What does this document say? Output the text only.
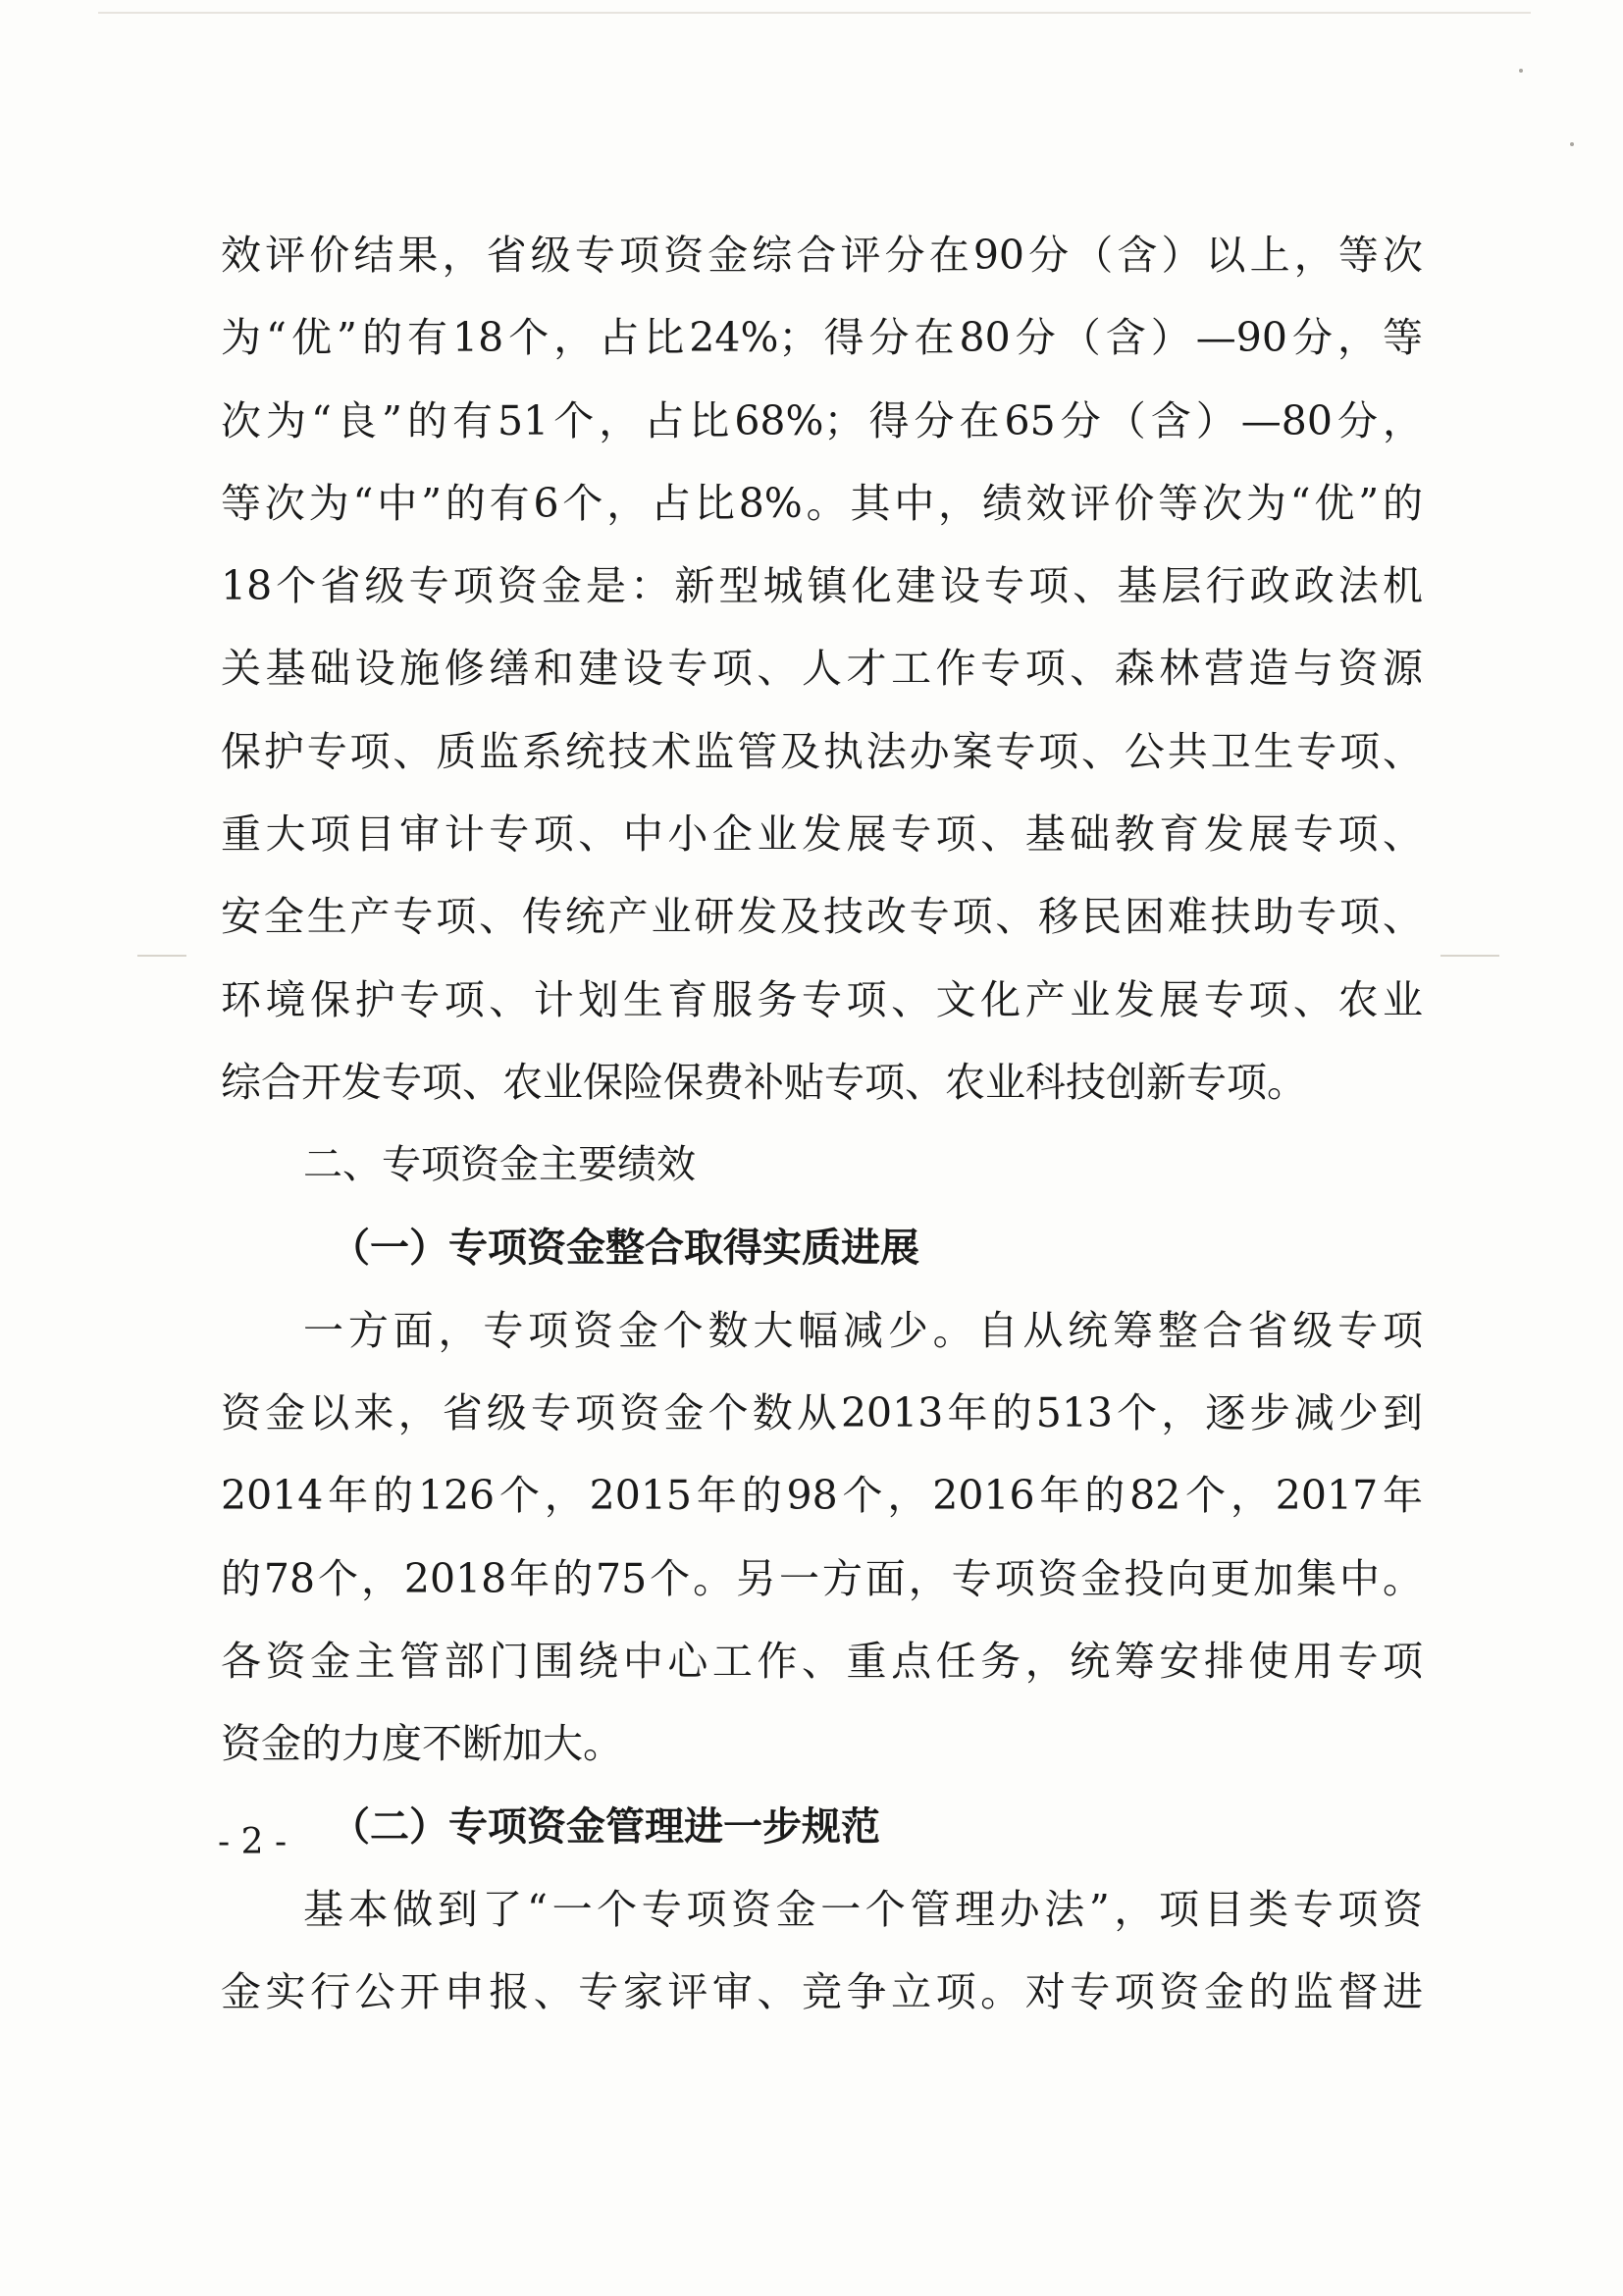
效评价结果，省级专项资金综合评分在90分（含）以上，等次
为“优”的有18个，占比24%；得分在80分（含）—90分，等
次为“良”的有51个，占比68%；得分在65分（含）—80分，
等次为“中”的有6个，占比8%。其中，绩效评价等次为“优”的
18个省级专项资金是：新型城镇化建设专项、基层行政政法机
关基础设施修缮和建设专项、人才工作专项、森林营造与资源
保护专项、质监系统技术监管及执法办案专项、公共卫生专项、
重大项目审计专项、中小企业发展专项、基础教育发展专项、
安全生产专项、传统产业研发及技改专项、移民困难扶助专项、
环境保护专项、计划生育服务专项、文化产业发展专项、农业
综合开发专项、农业保险保费补贴专项、农业科技创新专项。
二、专项资金主要绩效
（一）专项资金整合取得实质进展
一方面，专项资金个数大幅减少。自从统筹整合省级专项
资金以来，省级专项资金个数从2013年的513个，逐步减少到
2014年的126个，2015年的98个，2016年的82个，2017年
的78个，2018年的75个。另一方面，专项资金投向更加集中。
各资金主管部门围绕中心工作、重点任务，统筹安排使用专项
资金的力度不断加大。
（二）专项资金管理进一步规范
基本做到了“一个专项资金一个管理办法”，项目类专项资
金实行公开申报、专家评审、竞争立项。对专项资金的监督进
- 2 -
